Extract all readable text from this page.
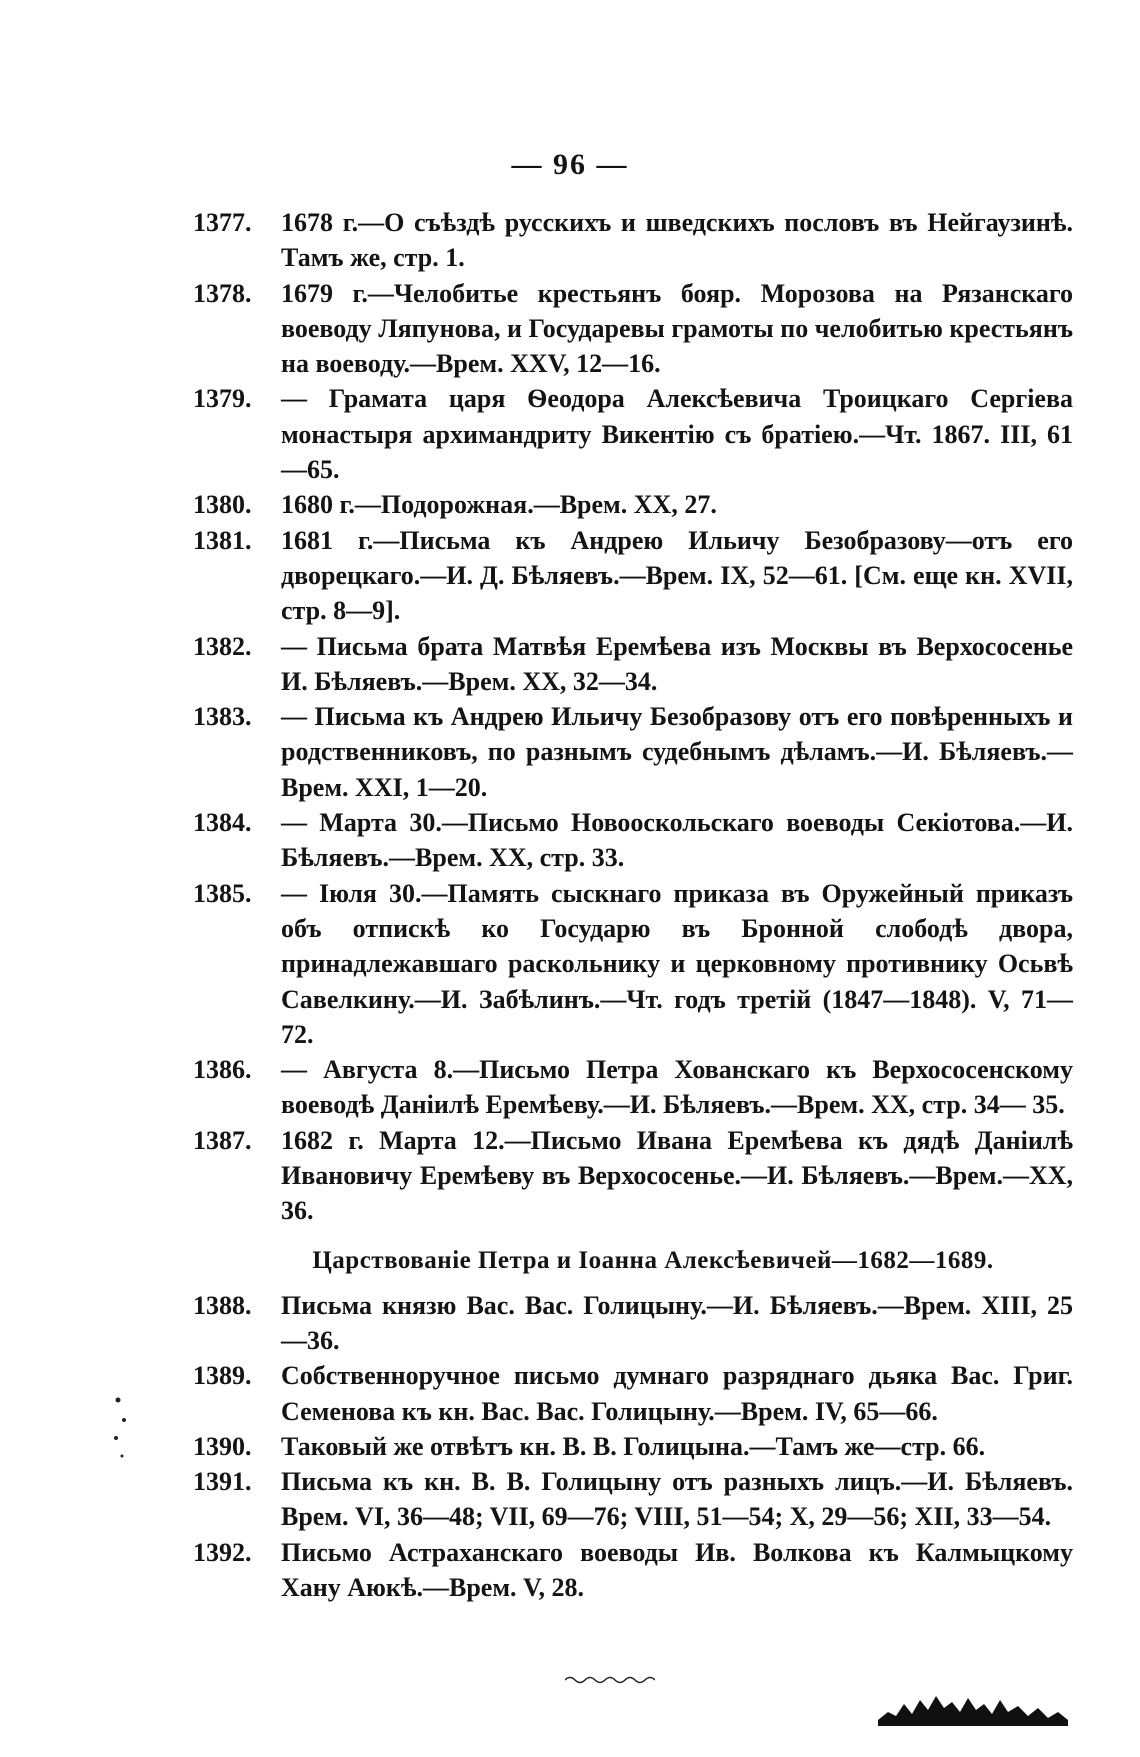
— 96 —
1377.	1678 г.—О съѣздѣ русскихъ и шведскихъ пословъ въ Нейгаузинѣ. Тамъ же, стр. 1.
1378.	1679 г.—Челобитье крестьянъ бояр. Морозова на Рязанскаго воеводу Ляпунова, и Государевы грамоты по челобитью крестьянъ на воеводу.—Врем. XXV, 12—16.
1379.	— Грамата царя Ѳеодора Алексѣевича Троицкаго Сергіева монастыря архимандриту Викентію съ братіею.—Чт. 1867. III, 61—65.
1380.	1680 г.—Подорожная.—Врем. XX, 27.
1381.	1681 г.—Письма къ Андрею Ильичу Безобразову—отъ его дворецкаго.—И. Д. Бѣляевъ.—Врем. IX, 52—61. [См. еще кн. XVII, стр. 8—9].
1382.	— Письма брата Матвѣя Еремѣева изъ Москвы въ Верхососенье И. Бѣляевъ.—Врем. XX, 32—34.
1383.	— Письма къ Андрею Ильичу Безобразову отъ его повѣренныхъ и родственниковъ, по разнымъ судебнымъ дѣламъ.—И. Бѣляевъ.—Врем. XXI, 1—20.
1384.	— Марта 30.—Письмо Новооскольскаго воеводы Секіотова.—И. Бѣляевъ.—Врем. XX, стр. 33.
1385.	— Іюля 30.—Память сыскнаго приказа въ Оружейный приказъ объ отпискѣ ко Государю въ Бронной слободѣ двора, принадлежавшаго раскольнику и церковному противнику Осьвѣ Савелкину.—И. Забѣлинъ.—Чт. годъ третій (1847—1848). V, 71—72.
1386.	— Августа 8.—Письмо Петра Хованскаго къ Верхососенскому воеводѣ Даніилѣ Еремѣеву.—И. Бѣляевъ.—Врем. XX, стр. 34— 35.
1387.	1682 г. Марта 12.—Письмо Ивана Еремѣева къ дядѣ Даніилѣ Ивановичу Еремѣеву въ Верхососенье.—И. Бѣляевъ.—Врем.—XX, 36.
Царствованіе Петра и Іоанна Алексѣевичей—1682—1689.
1388.	Письма князю Вас. Вас. Голицыну.—И. Бѣляевъ.—Врем. XIII, 25—36.
1389.	Собственноручное письмо думнаго разряднаго дьяка Вас. Григ. Семенова къ кн. Вас. Вас. Голицыну.—Врем. IV, 65—66.
1390.	Таковый же отвѣтъ кн. В. В. Голицына.—Тамъ же—стр. 66.
1391.	Письма къ кн. В. В. Голицыну отъ разныхъ лицъ.—И. Бѣляевъ. Врем. VI, 36—48; VII, 69—76; VIII, 51—54; X, 29—56; XII, 33—54.
1392.	Письмо Астраханскаго воеводы Ив. Волкова къ Калмыцкому Хану Аюкѣ.—Врем. V, 28.
